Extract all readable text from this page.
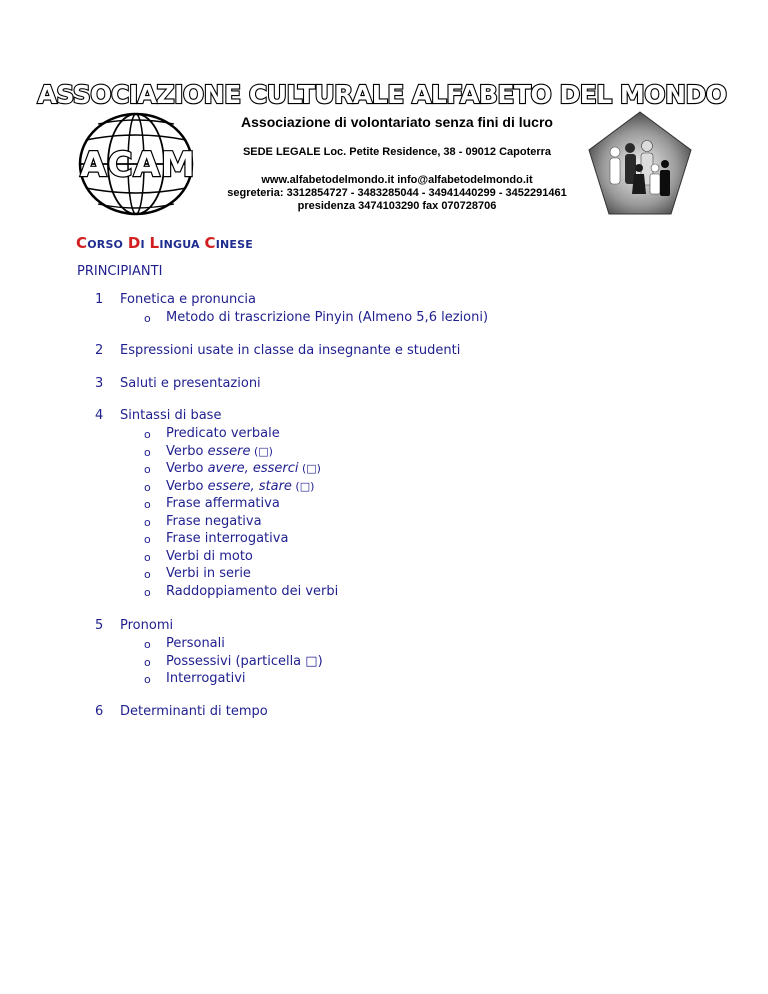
ASSOCIAZIONE CULTURALE ALFABETO DEL MONDO
ACAM
Associazione di volontariato senza fini di lucro
SEDE LEGALE Loc. Petite Residence, 38 - 09012 Capoterra
www.alfabetodelmondo.it info@alfabetodelmondo.it
segreteria: 3312854727 - 3483285044 - 34941440299 - 3452291461
presidenza 3474103290 fax 070728706
CORSO DI LINGUA CINESE
PRINCIPIANTI
1 Fonetica e pronuncia
o Metodo di trascrizione Pinyin (Almeno 5,6 lezioni)
2 Espressioni usate in classe da insegnante e studenti
3 Saluti e presentazioni
4 Sintassi di base
o Predicato verbale
o Verbo essere (□)
o Verbo avere, esserci (□)
o Verbo essere, stare (□)
o Frase affermativa
o Frase negativa
o Frase interrogativa
o Verbi di moto
o Verbi in serie
o Raddoppiamento dei verbi
5 Pronomi
o Personali
o Possessivi (particella □)
o Interrogativi
6 Determinanti di tempo
